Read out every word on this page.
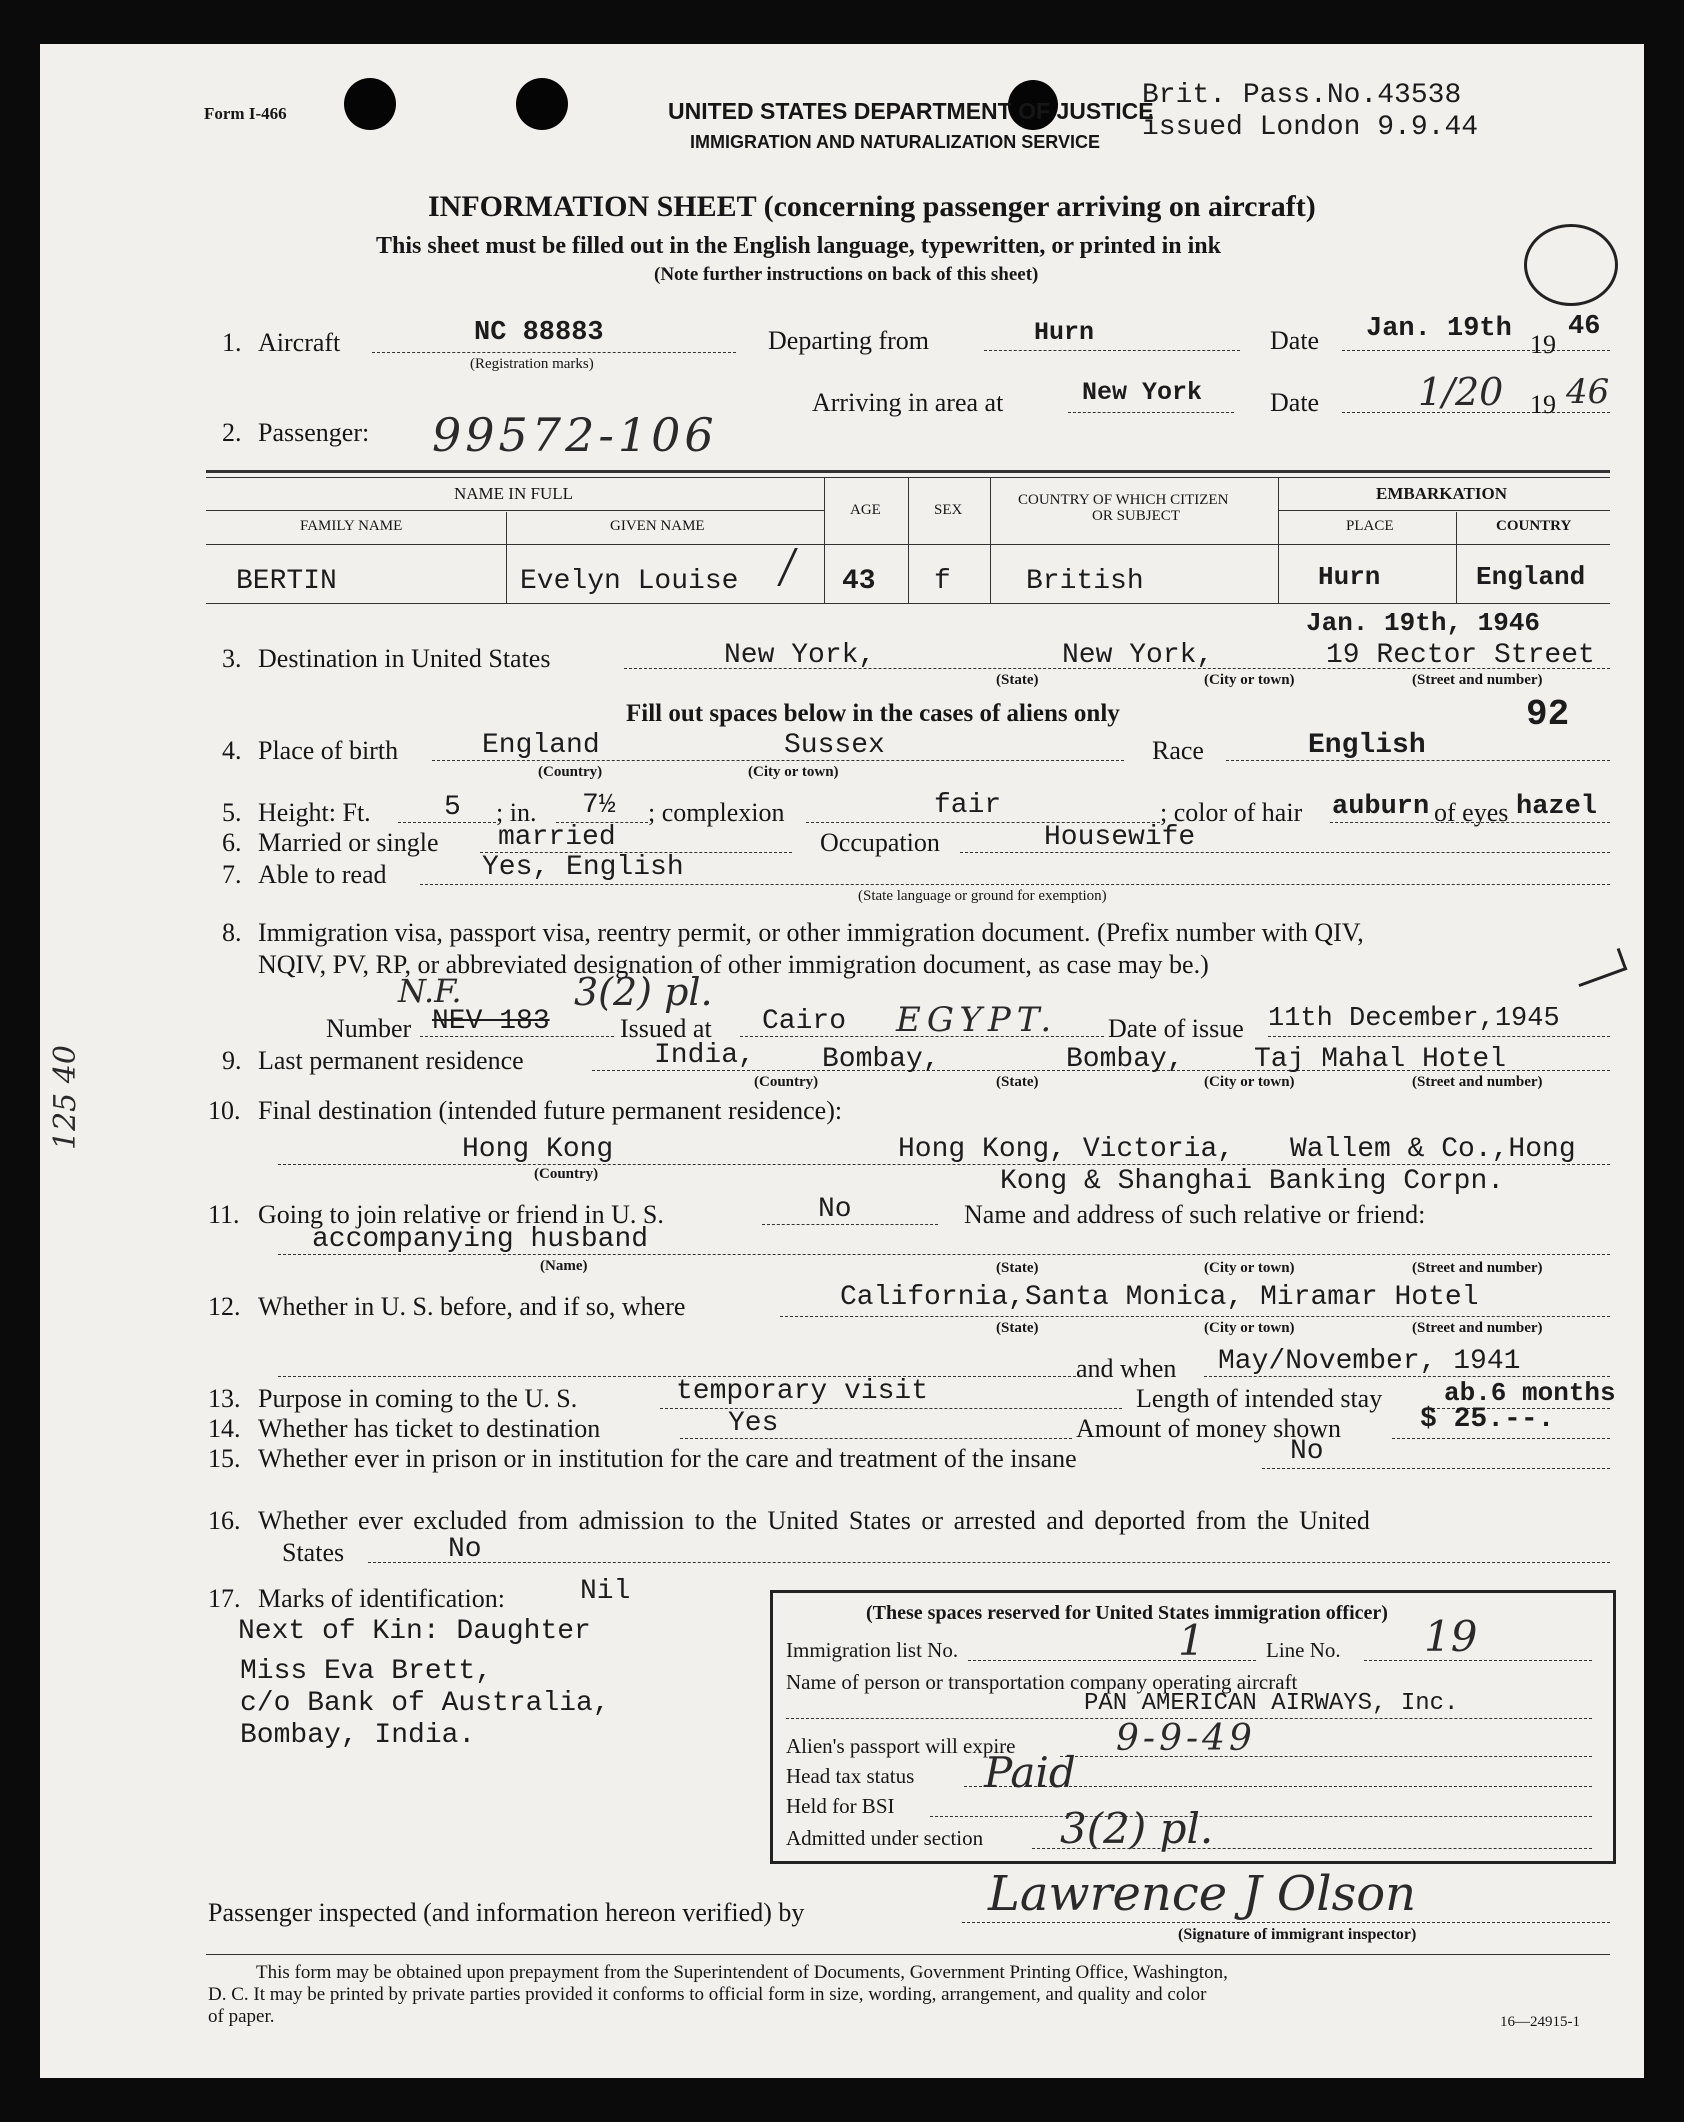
Form I-466	UNITED STATES DEPARTMENT OF JUSTICE
IMMIGRATION AND NATURALIZATION SERVICE
Brit. Pass.No.43538
issued London 9.9.44
INFORMATION SHEET (concerning passenger arriving on aircraft)
This sheet must be filled out in the English language, typewritten, or printed in ink
(Note further instructions on back of this sheet)
1. Aircraft	NC 88883
(Registration marks)
Departing from	Hurn	Date Jan. 19th
19
46
Arriving in area at	New York	Date	1/20 19 46
2. Passenger: 99572-106
NAME IN FULL
FAMILY NAME	GIVEN NAME
AGE	SEX
COUNTRY OF WHICH CITIZEN
OR SUBJECT
EMBARKATION
PLACE	COUNTRY
BERTIN	Evelyn Louise	43 f	British	Hurn	England
Jan. 19th, 1946
3. Destination in United States	New York,	New York,	19 Rector Street
(State)	(City or town)	(Street and number)
Fill out spaces below in the cases of aliens only	92
4. Place of birth	England	Sussex
(Country)	(City or town)
Race	English
5. Height: Ft.	5 ; in. 7½ ; complexion	fair	; color of hair auburn of eyes hazel
6. Married or single married	Occupation	Housewife
7. Able to read	Yes, English
(State language or ground for exemption)
8. Immigration visa, passport visa, reentry permit, or other immigration document. (Prefix number with QIV,
NQIV, PV, RP, or abbreviated designation of other immigration document, as case may be.)
Number NEV 183
N.F.	3(2) pl.
Issued at Cairo EGYPT. Date of issue 11th December,1945
9. Last permanent residence	India, Bombay,	Bombay,	Taj Mahal Hotel
(Country)	(State)	(City or town)	(Street and number)
10. Final destination (intended future permanent residence):
Hong Kong	Hong Kong, Victoria, Wallem & Co.,Hong
Kong & Shanghai Banking Corpn.
(Country)
11. Going to join relative or friend in U. S.	No	Name and address of such relative or friend:
accompanying husband
(Name)	(State)	(City or town)	(Street and number)
12. Whether in U. S. before, and if so, where	California,Santa Monica, Miramar Hotel
(State)	(City or town)	(Street and number)
and when May/November, 1941
13. Purpose in coming to the U. S.	temporary visit	Length of intended stay ab.6 months
14. Whether has ticket to destination	Yes	Amount of money shown	$ 25.--.
15. Whether ever in prison or in institution for the care and treatment of the insane	No
16. Whether ever excluded from admission to the United States or arrested and deported from the United
States	No
17. Marks of identification:	Nil
Next of Kin: Daughter
Miss Eva Brett,
c/o Bank of Australia,
Bombay, India.
(These spaces reserved for United States immigration officer)
Immigration list No.	1	Line No. 19
Name of person or transportation company operating aircraft
PAN AMERICAN AIRWAYS, Inc.
Alien's passport will expire	9-9-49
Head tax status Paid
Held for BSI
Admitted under section 3(2) pl.
Passenger inspected (and information hereon verified) by	Lawrence J Olson
(Signature of immigrant inspector)
This form may be obtained upon prepayment from the Superintendent of Documents, Government Printing Office, Washington,
D. C. It may be printed by private parties provided it conforms to official form in size, wording, arrangement, and quality and color
of paper.	16—24915-1
125 40
